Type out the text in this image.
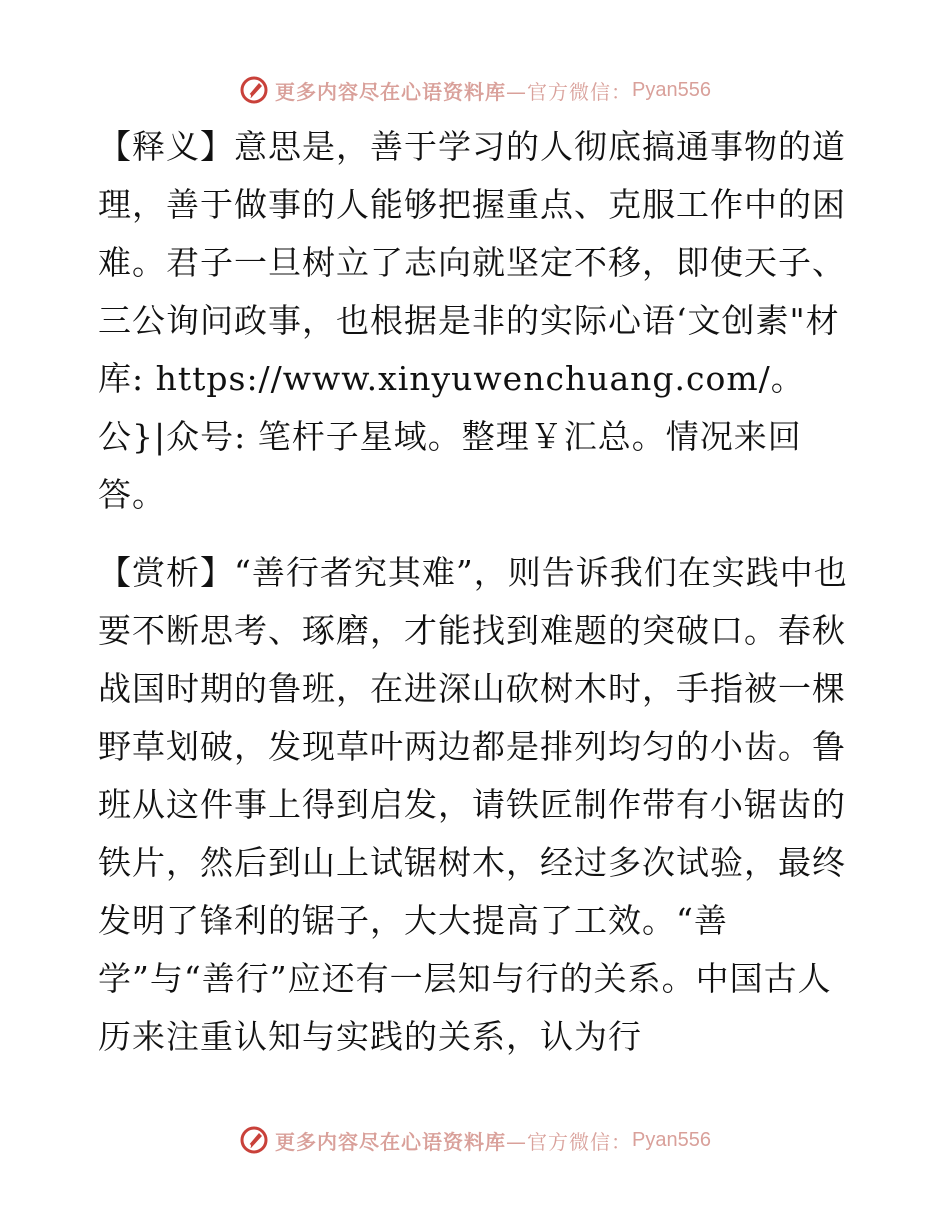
更多内容尽在心语资料库 —官方微信： Pyan556

【释义】意思是，善于学习的人彻底搞通事物的道理，善于做事的人能够把握重点、克服工作中的困难。君子一旦树立了志向就坚定不移，即使天子、三公询问政事，也根据是非的实际心语‘文创素"材库: https://www.xinyuwenchuang.com/。公}|众号: 笔杆子星域。整理￥汇总。情况来回答。

【赏析】“善行者究其难”，则告诉我们在实践中也要不断思考、琢磨，才能找到难题的突破口。春秋战国时期的鲁班，在进深山砍树木时，手指被一棵野草划破，发现草叶两边都是排列均匀的小齿。鲁班从这件事上得到启发，请铁匠制作带有小锯齿的铁片，然后到山上试锯树木，经过多次试验，最终发明了锋利的锯子，大大提高了工效。“善学”与“善行”应还有一层知与行的关系。中国古人历来注重认知与实践的关系，认为行

更多内容尽在心语资料库 —官方微信： Pyan556
